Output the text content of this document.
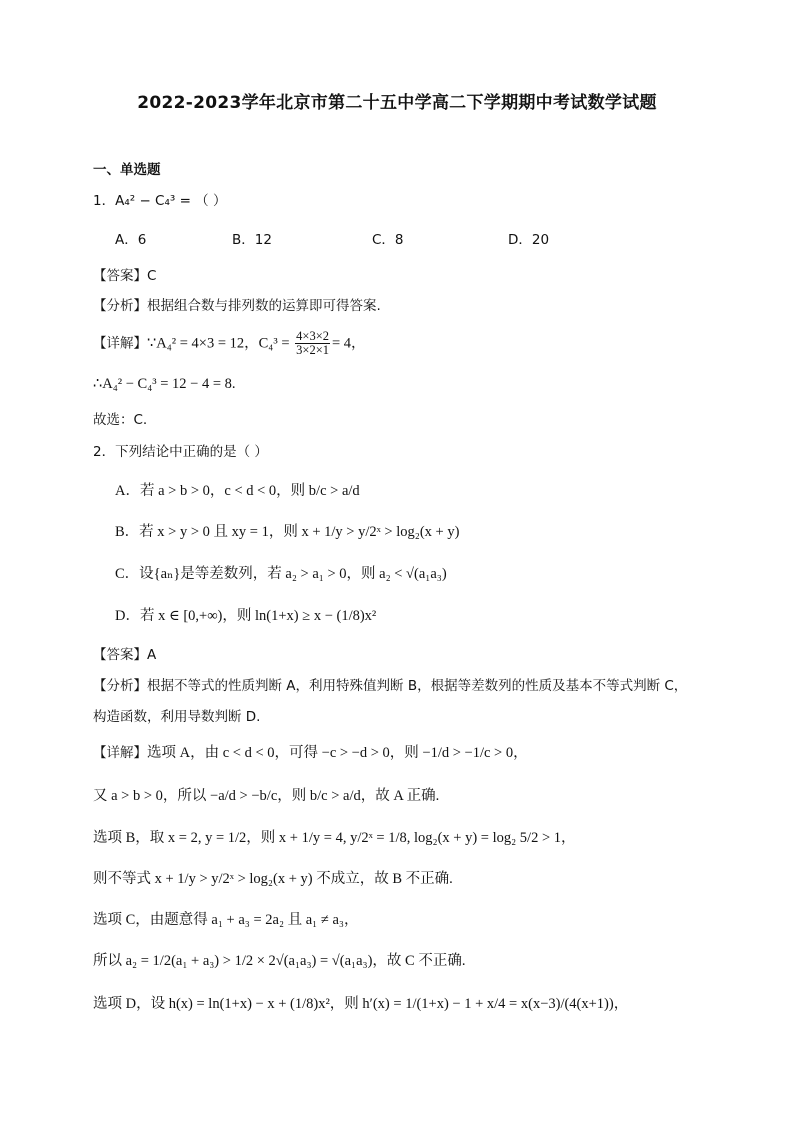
2022-2023学年北京市第二十五中学高二下学期期中考试数学试题
一、单选题
1．A₄² − C₄³ = （ ）
A．6	B．12	C．8	D．20
【答案】C
【分析】根据组合数与排列数的运算即可得答案.
【详解】∵A₄² = 4×3 = 12，$C_4^3 = \frac{4\times 3\times 2}{3\times 2\times 1} = 4$，
∴A₄² − C₄³ = 12 − 4 = 8.
故选：C.
2．下列结论中正确的是（ ）
A．若 a > b > 0，c < d < 0，则 b/c > a/d
B．若 x > y > 0 且 xy = 1，则 x + 1/y > y/2ˣ > log₂(x + y)
C．设{aₙ}是等差数列，若 a₂ > a₁ > 0，则 a₂ < √(a₁a₃)
D．若 x ∈ [0,+∞)，则 ln(1+x) ≥ x − (1/8)x²
【答案】A
【分析】根据不等式的性质判断 A，利用特殊值判断 B，根据等差数列的性质及基本不等式判断 C，
构造函数，利用导数判断 D.
【详解】选项 A，由 c < d < 0，可得 −c > −d > 0，则 −1/d > −1/c > 0，
又 a > b > 0，所以 −a/d > −b/c，则 b/c > a/d，故 A 正确.
选项 B，取 x = 2, y = 1/2，则 x + 1/y = 4, y/2ˣ = 1/8, log₂(x + y) = log₂ 5/2 > 1，
则不等式 x + 1/y > y/2ˣ > log₂(x + y) 不成立，故 B 不正确.
选项 C，由题意得 a₁ + a₃ = 2a₂ 且 a₁ ≠ a₃，
所以 a₂ = 1/2(a₁ + a₃) > 1/2 × 2√(a₁a₃) = √(a₁a₃)，故 C 不正确.
选项 D，设 h(x) = ln(1+x) − x + (1/8)x²，则 h′(x) = 1/(1+x) − 1 + x/4 = x(x−3)/(4(x+1))，
